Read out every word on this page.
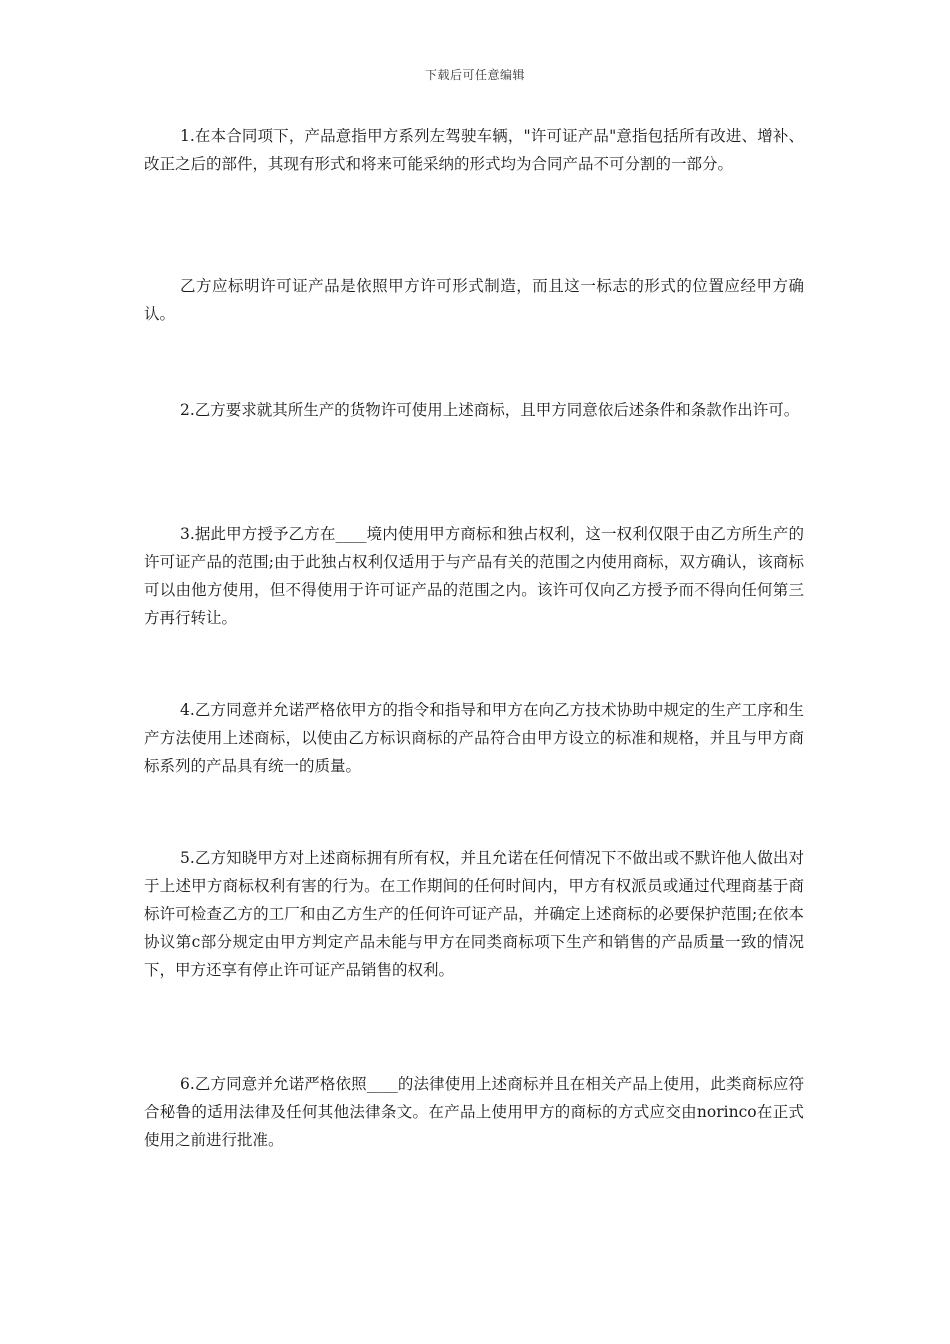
下载后可任意编辑

1.在本合同项下，产品意指甲方系列左驾驶车辆，"许可证产品"意指包括所有改进、增补、改正之后的部件，其现有形式和将来可能采纳的形式均为合同产品不可分割的一部分。

乙方应标明许可证产品是依照甲方许可形式制造，而且这一标志的形式的位置应经甲方确认。

2.乙方要求就其所生产的货物许可使用上述商标，且甲方同意依后述条件和条款作出许可。

3.据此甲方授予乙方在____境内使用甲方商标和独占权利，这一权利仅限于由乙方所生产的许可证产品的范围;由于此独占权利仅适用于与产品有关的范围之内使用商标，双方确认，该商标可以由他方使用，但不得使用于许可证产品的范围之内。该许可仅向乙方授予而不得向任何第三方再行转让。

4.乙方同意并允诺严格依甲方的指令和指导和甲方在向乙方技术协助中规定的生产工序和生产方法使用上述商标，以使由乙方标识商标的产品符合由甲方设立的标准和规格，并且与甲方商标系列的产品具有统一的质量。

5.乙方知晓甲方对上述商标拥有所有权，并且允诺在任何情况下不做出或不默许他人做出对于上述甲方商标权利有害的行为。在工作期间的任何时间内，甲方有权派员或通过代理商基于商标许可检查乙方的工厂和由乙方生产的任何许可证产品，并确定上述商标的必要保护范围;在依本协议第c部分规定由甲方判定产品未能与甲方在同类商标项下生产和销售的产品质量一致的情况下，甲方还享有停止许可证产品销售的权利。

6.乙方同意并允诺严格依照____的法律使用上述商标并且在相关产品上使用，此类商标应符合秘鲁的适用法律及任何其他法律条文。在产品上使用甲方的商标的方式应交由norinco在正式使用之前进行批准。
